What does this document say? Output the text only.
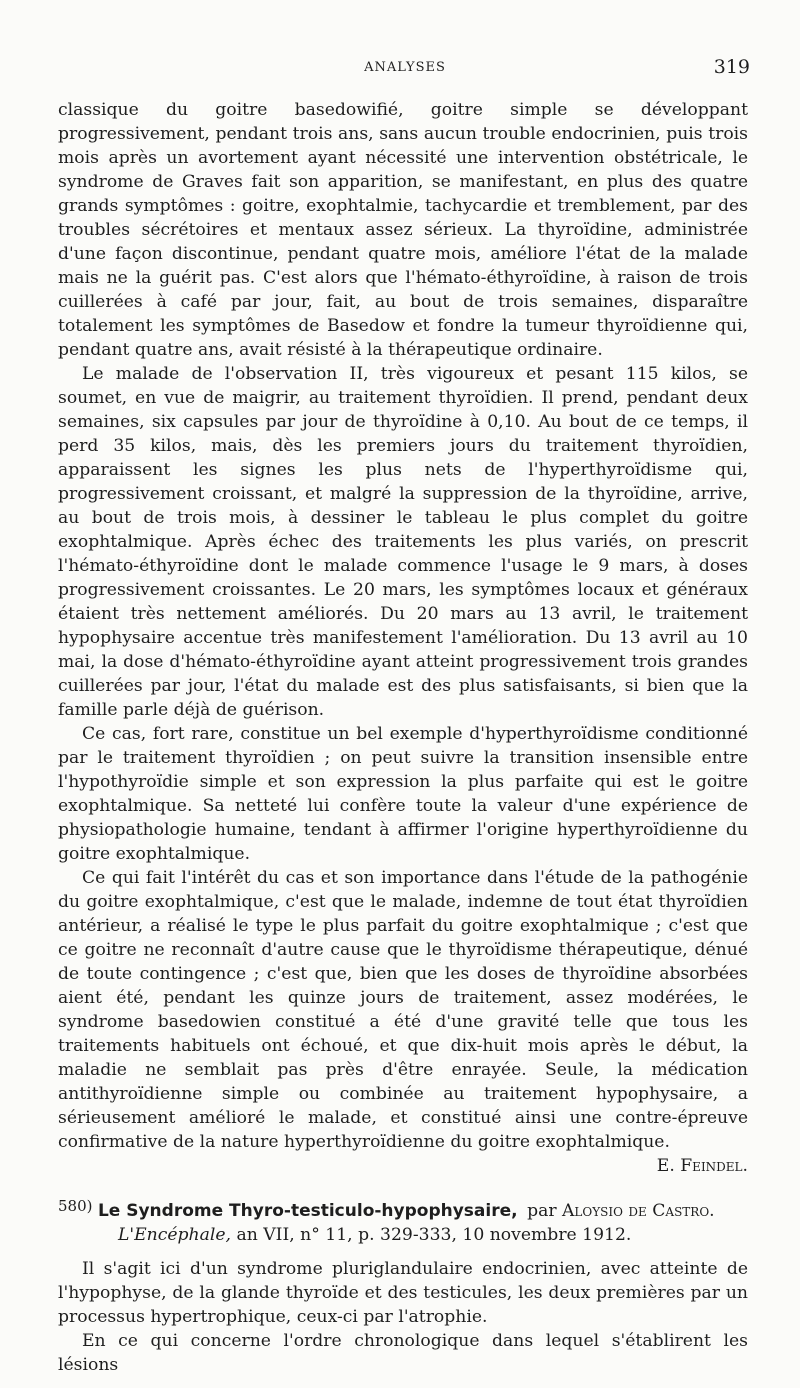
ANALYSES	319

classique du goitre basedowifié, goitre simple se développant progressivement, pendant trois ans, sans aucun trouble endocrinien, puis trois mois après un avortement ayant nécessité une intervention obstétricale, le syndrome de Graves fait son apparition, se manifestant, en plus des quatre grands symptômes : goitre, exophtalmie, tachycardie et tremblement, par des troubles sécrétoires et mentaux assez sérieux. La thyroïdine, administrée d'une façon discontinue, pendant quatre mois, améliore l'état de la malade mais ne la guérit pas. C'est alors que l'hémato-éthyroïdine, à raison de trois cuillerées à café par jour, fait, au bout de trois semaines, disparaître totalement les symptômes de Basedow et fondre la tumeur thyroïdienne qui, pendant quatre ans, avait résisté à la thérapeutique ordinaire.

Le malade de l'observation II, très vigoureux et pesant 115 kilos, se soumet, en vue de maigrir, au traitement thyroïdien. Il prend, pendant deux semaines, six capsules par jour de thyroïdine à 0,10. Au bout de ce temps, il perd 35 kilos, mais, dès les premiers jours du traitement thyroïdien, apparaissent les signes les plus nets de l'hyperthyroïdisme qui, progressivement croissant, et malgré la suppression de la thyroïdine, arrive, au bout de trois mois, à dessiner le tableau le plus complet du goitre exophtalmique. Après échec des traitements les plus variés, on prescrit l'hémato-éthyroïdine dont le malade commence l'usage le 9 mars, à doses progressivement croissantes. Le 20 mars, les symptômes locaux et généraux étaient très nettement améliorés. Du 20 mars au 13 avril, le traitement hypophysaire accentue très manifestement l'amélioration. Du 13 avril au 10 mai, la dose d'hémato-éthyroïdine ayant atteint progressivement trois grandes cuillerées par jour, l'état du malade est des plus satisfaisants, si bien que la famille parle déjà de guérison.

Ce cas, fort rare, constitue un bel exemple d'hyperthyroïdisme conditionné par le traitement thyroïdien ; on peut suivre la transition insensible entre l'hypothyroïdie simple et son expression la plus parfaite qui est le goitre exophtalmique. Sa netteté lui confère toute la valeur d'une expérience de physiopathologie humaine, tendant à affirmer l'origine hyperthyroïdienne du goitre exophtalmique.

Ce qui fait l'intérêt du cas et son importance dans l'étude de la pathogénie du goitre exophtalmique, c'est que le malade, indemne de tout état thyroïdien antérieur, a réalisé le type le plus parfait du goitre exophtalmique ; c'est que ce goitre ne reconnaît d'autre cause que le thyroïdisme thérapeutique, dénué de toute contingence ; c'est que, bien que les doses de thyroïdine absorbées aient été, pendant les quinze jours de traitement, assez modérées, le syndrome basedowien constitué a été d'une gravité telle que tous les traitements habituels ont échoué, et que dix-huit mois après le début, la maladie ne semblait pas près d'être enrayée. Seule, la médication antithyroïdienne simple ou combinée au traitement hypophysaire, a sérieusement amélioré le malade, et constitué ainsi une contre-épreuve confirmative de la nature hyperthyroïdienne du goitre exophtalmique.

E. Feindel.

580) Le Syndrome Thyro-testiculo-hypophysaire, par Aloysio de Castro.

L'Encéphale, an VII, n° 11, p. 329-333, 10 novembre 1912.

Il s'agit ici d'un syndrome pluriglandulaire endocrinien, avec atteinte de l'hypophyse, de la glande thyroïde et des testicules, les deux premières par un processus hypertrophique, ceux-ci par l'atrophie.

En ce qui concerne l'ordre chronologique dans lequel s'établirent les lésions
